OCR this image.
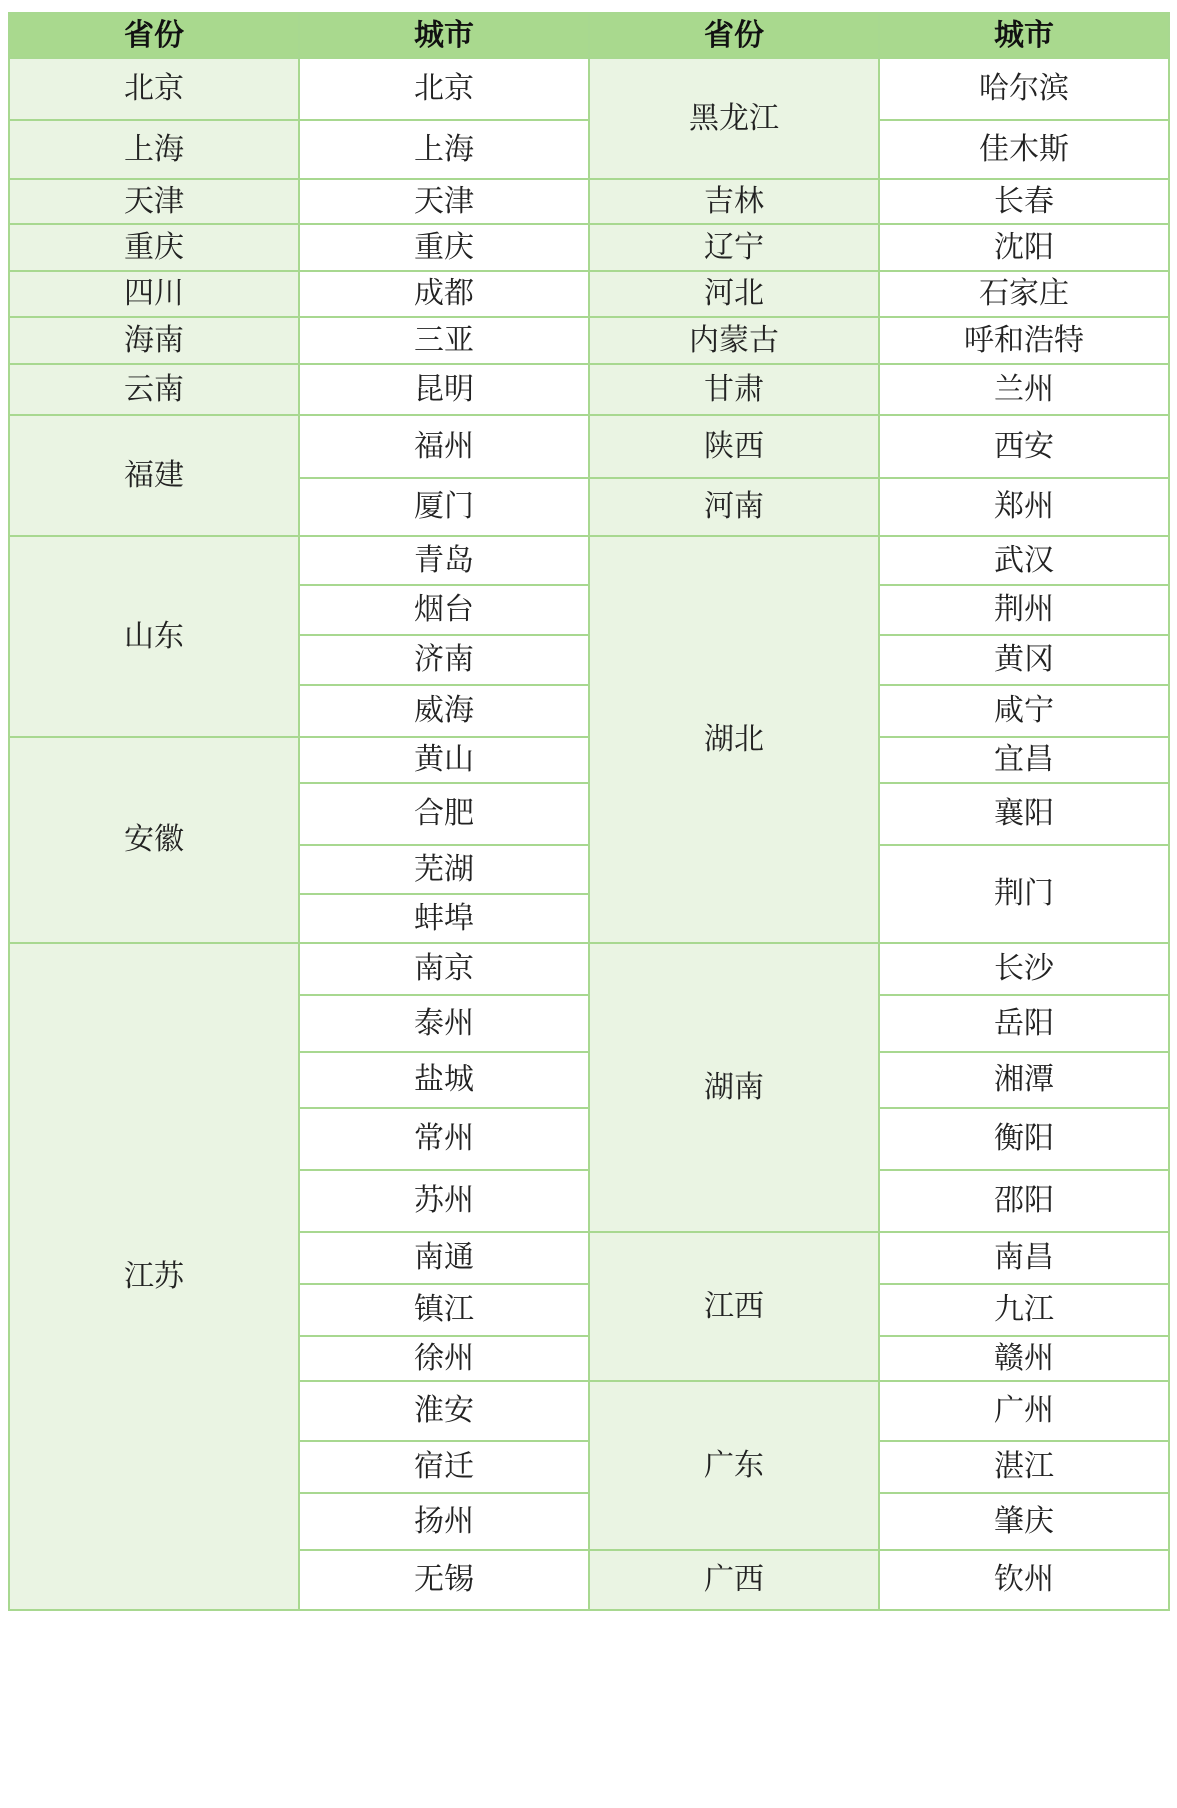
省份	城市	省份	城市
北京	北京	黑龙江	哈尔滨
上海	上海		佳木斯
天津	天津	吉林	长春
重庆	重庆	辽宁	沈阳
四川	成都	河北	石家庄
海南	三亚	内蒙古	呼和浩特
云南	昆明	甘肃	兰州
福建	福州	陕西	西安
	厦门	河南	郑州
山东	青岛	湖北	武汉
	烟台		荆州
	济南		黄冈
	威海		咸宁
安徽	黄山		宜昌
	合肥		襄阳
	芜湖		荆门
	蚌埠		
江苏	南京	湖南	长沙
	泰州		岳阳
	盐城		湘潭
	常州		衡阳
	苏州		邵阳
	南通	江西	南昌
	镇江		九江
	徐州		赣州
	淮安	广东	广州
	宿迁		湛江
	扬州		肇庆
	无锡	广西	钦州
